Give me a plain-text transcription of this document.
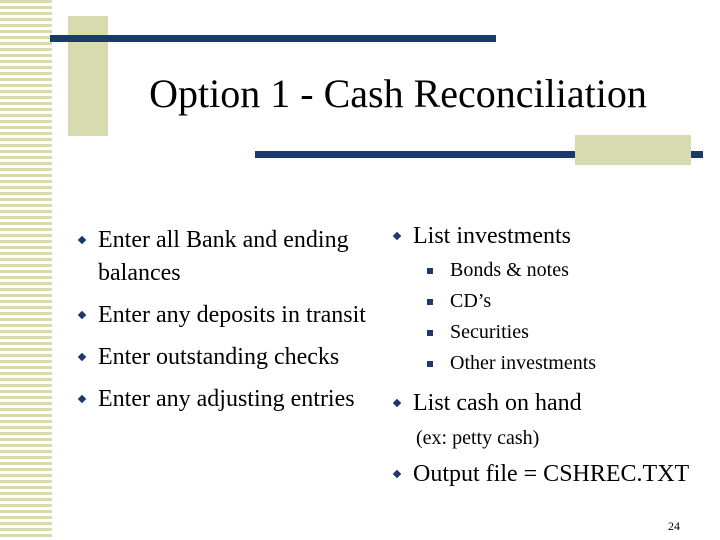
Option 1 - Cash Reconciliation
Enter all Bank and ending balances
Enter any deposits in transit
Enter outstanding checks
Enter any adjusting entries
List investments
Bonds & notes
CD’s
Securities
Other investments
List cash on hand
(ex: petty cash)
Output file = CSHREC.TXT
24
